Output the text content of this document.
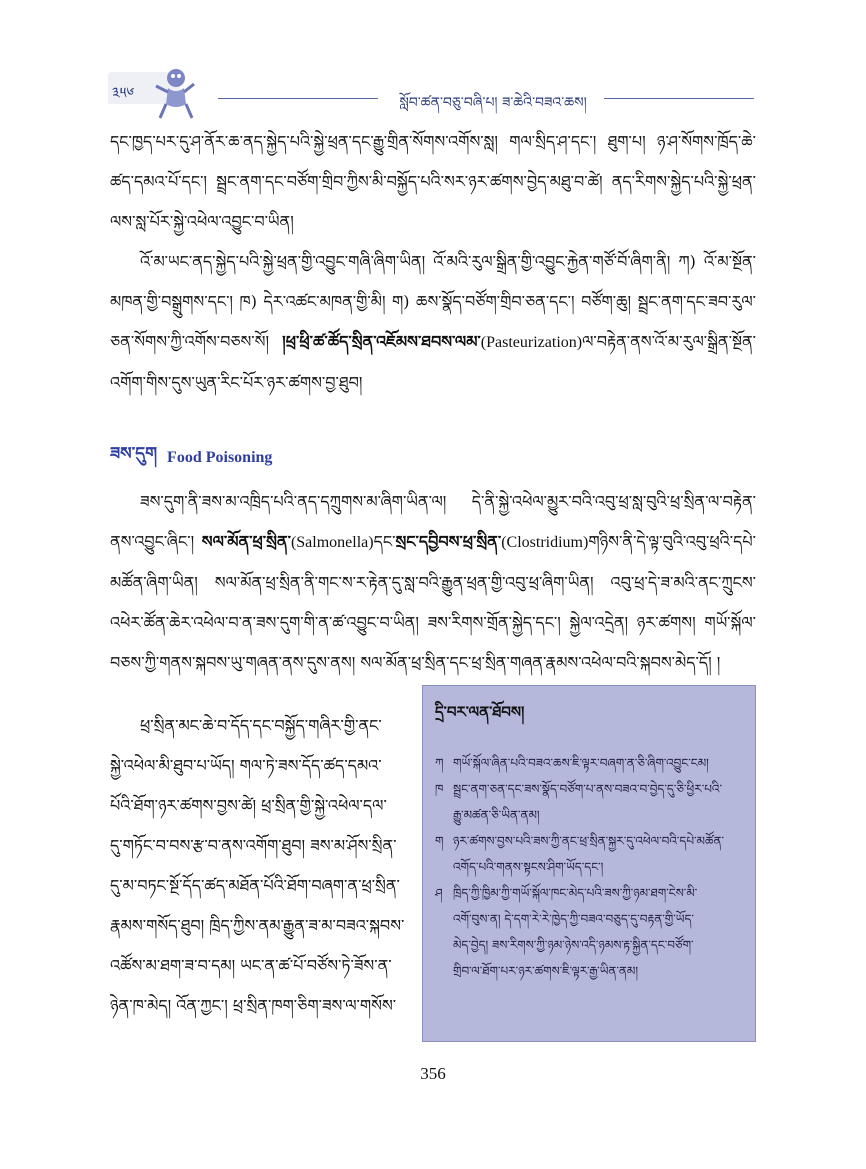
༣༥༦
སློབ་ཚན་བཅུ་བཞི་པ། ཟ་ཆེའི་བཟའ་ཆས།

དང་ཁྱད་པར་དུ་ཤ་ནོར་ཆ་ནད་སྐྱེད་པའི་སྐྱེ་ཕྲན་དང་རྒྱུ་གྲིན་སོགས་འགོས་སླ། གལ་སྲིད་ཤ་དང་། ཐུག་པ། ཉ་ཤ་སོགས་ཁྲོད་ཆེ་ཚད་དམའ་པོ་དང་། སྦྲང་ནག་དང་བཙོག་གྲིབ་ཀྱིས་མི་བསྐྱོད་པའི་སར་ཉར་ཚགས་བྱེད་མཐུ་བ་ཚེ། ནད་རིགས་སྐྱེད་པའི་སྐྱེ་ཕྲན་ལས་སླ་པོར་སྐྱེ་འཕེལ་འབྱུང་བ་ཡིན།

འོ་མ་ཡང་ནད་སྐྱེད་པའི་སྐྱེ་ཕྲན་གྱི་འབྱུང་གཞི་ཞིག་ཡིན། འོ་མའི་རུལ་སྒྲིན་གྱི་འབྱུང་རྐྱེན་གཙོ་བོ་ཞིག་ནི། ཀ) འོ་མ་སྔོན་མཁན་གྱི་བསྒྲུགས་དང་། ཁ) དེར་འཚང་མཁན་གྱི་མི། ག) ཆས་སྣོད་བཙོག་གྲིབ་ཅན་དང་། བཙོག་ཆུ། སྦྲང་ནག་དང་ཟབ་རུལ་ཅན་སོགས་ཀྱི་འགོས་བཅས་སོ། །ཕྲ་ཕྲི་ཚ་ཚོད་སྲིན་འཇོམས་ཐབས་ལམ་(Pasteurization)ལ་བརྟེན་ནས་འོ་མ་རུལ་སྒྲིན་སྔོན་འགོག་གིས་དུས་ཡུན་རིང་པོར་ཉར་ཚགས་བྱ་ཐུབ།

ཟས་དུག Food Poisoning

ཟས་དུག་ནི་ཟས་མ་འཁྲིད་པའི་ནད་དཀྲུགས་མ་ཞིག་ཡིན་ལ། དེ་ནི་སྐྱེ་འཕེལ་མྱུར་བའི་འབུ་ཕྲ་སླ་བུའི་ཕྲ་སྲིན་ལ་བརྟེན་ནས་འབྱུང་ཞིང་། སལ་མོན་ཕྲ་སྲིན་(Salmonella)དང་སྲང་དབྱིབས་ཕྲ་སྲིན་(Clostridium)གཉིས་ནི་དེ་ལྟ་བུའི་འབུ་ཕྲའི་དཔེ་མཚོན་ཞིག་ཡིན། སལ་མོན་ཕྲ་སྲིན་ནི་གང་ས་ར་རྟེན་དུ་སླ་བའི་རྒྱུན་ཕྲན་གྱི་འབུ་ཕྲ་ཞིག་ཡིན། འབུ་ཕྲ་དེ་ཟ་མའི་ནང་ཀྲུངས་འཕེར་ཚོན་ཆེར་འཕེལ་བ་ན་ཟས་དུག་གི་ན་ཚ་འབྱུང་བ་ཡིན། ཟས་རིགས་གྲོན་སྐྱེད་དང་། སྐྱེལ་འདྲེན། ཉར་ཚགས། གཡོ་སྐོལ་བཅས་ཀྱི་གནས་སྐབས་ཡུ་གཞན་ནས་དུས་ནས། སལ་མོན་ཕྲ་སྲིན་དང་ཕྲ་སྲིན་གཞན་རྣམས་འཕེལ་བའི་སྐབས་མེད་དོ། །

ཕྲ་སྲིན་མང་ཆེ་བ་དོད་དང་བསྐྱོད་གཞིར་གྱི་ནང་
སྐྱེ་འཕེལ་མི་ཐུབ་པ་ཡོད། གལ་ཏེ་ཟས་དོད་ཚད་དམའ་
པོའི་ཐོག་ཉར་ཚགས་བྱས་ཚེ། ཕྲ་སྲིན་གྱི་སྐྱེ་འཕེལ་དལ་
དུ་གཏོང་བ་བས་རྩ་བ་ནས་འགོག་ཐུབ། ཟས་མ་ཤོས་སྲིན་
དུ་མ་བཏང་སྔོ་དོད་ཚད་མཐོན་པོའི་ཐོག་བཞག་ན་ཕྲ་སྲིན་
རྣམས་གསོད་ཐུབ། ཁྲིད་ཀྱིས་ནམ་རྒྱུན་ཟ་མ་བཟའ་སྐབས་
འཚོས་མ་ཐག་ཟ་བ་དམ། ཡང་ན་ཚ་པོ་བཙོས་ཏེ་ཟོས་ན་
ཉེན་ཁ་མེད། འོན་ཀྱང་། ཕྲ་སྲིན་ཁག་ཅིག་ཟས་ལ་གསོས་
དྲི་བར་ལན་ཐོབས།
ཀ གཡོ་སྐོལ་ཞིན་པའི་བཟའ་ཆས་ཇི་ལྟར་བཞག་ན་ཅི་ཞིག་འབྱུང་ངམ།
ཁ སྦྲང་ནག་ཅན་དང་ཟས་སྣོད་བཙོག་པ་ནས་བཟའ་བ་བྱེད་དུ་ཅི་ཕྱིར་པའི་
རྒྱུ་མཚན་ཅི་ཡིན་ནམ།
ག ཉར་ཚགས་བྱས་པའི་ཟས་ཀྱི་ནང་ཕྲ་སྲིན་སྐྱར་དུ་འཕེལ་བའི་དཔེ་མཚོན་
འགོད་པའི་གནས་སྟངས་ཤིག་ཡོད་དང་།
ཤ ཁྲིད་ཀྱི་ཁྱིམ་ཀྱི་གཡོ་སྐོལ་ཁང་མེད་པའི་ཟས་ཀྱི་ཉམ་ཐག་ངེས་མི་
འགོ་བུས་ན། དེ་དག་རེ་རེ་ཁྱེད་ཀྱི་བཟའ་བཅུད་དུ་བརྟན་གྱི་ཡོད་
མེད་བྱེད། ཟས་རིགས་ཀྱི་ཉམ་ཉེས་འདི་ཉམས་རྟ་སྐྱིན་དང་བཙོག་
གྲིབ་ལ་ཐོག་པར་ཉར་ཚགས་ཇི་ལྟར་རྒྱ་ཡིན་ནམ།
356
